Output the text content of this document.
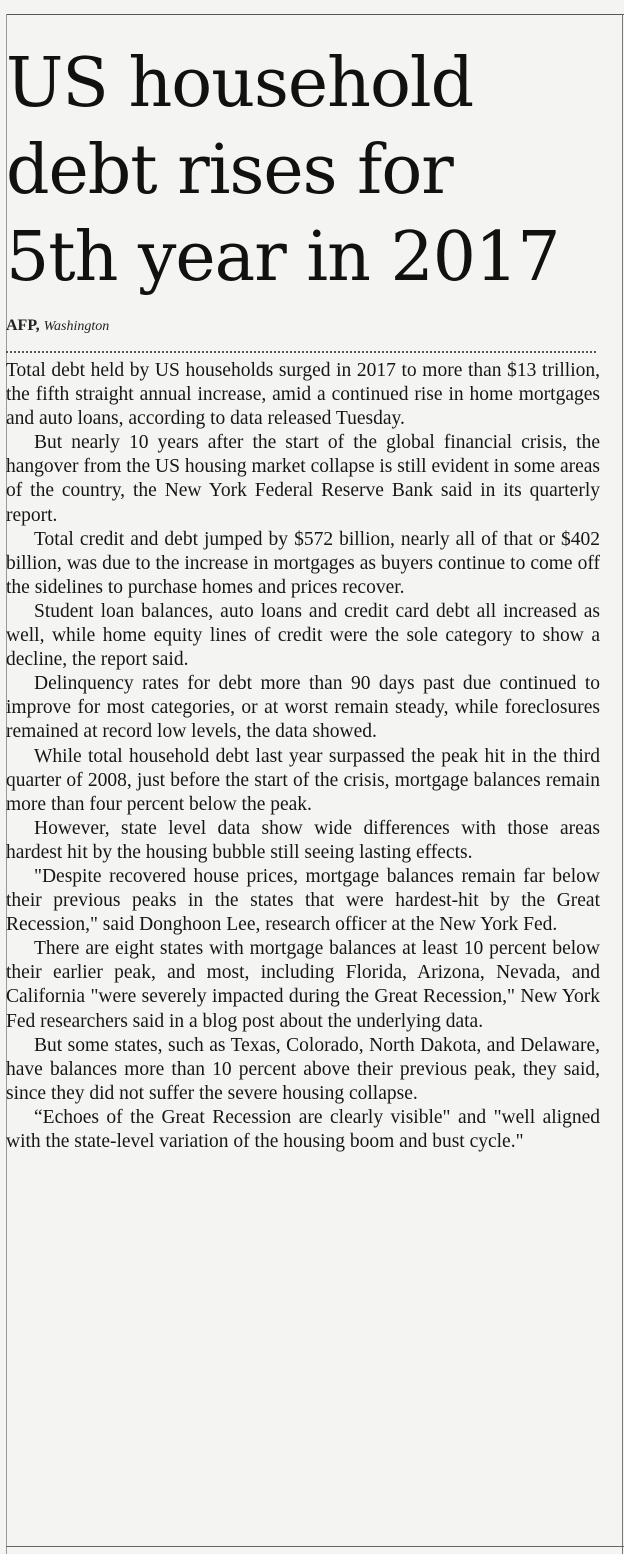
US household
debt rises for
5th year in 2017
AFP, Washington

Total debt held by US households surged in 2017 to more than $13 trillion, the fifth straight annual increase, amid a continued rise in home mortgages and auto loans, according to data released Tuesday.

But nearly 10 years after the start of the global financial crisis, the hangover from the US housing market collapse is still evident in some areas of the country, the New York Federal Reserve Bank said in its quarterly report.

Total credit and debt jumped by $572 billion, nearly all of that or $402 billion, was due to the increase in mortgages as buyers continue to come off the sidelines to purchase homes and prices recover.

Student loan balances, auto loans and credit card debt all increased as well, while home equity lines of credit were the sole category to show a decline, the report said.

Delinquency rates for debt more than 90 days past due continued to improve for most categories, or at worst remain steady, while foreclosures remained at record low levels, the data showed.

While total household debt last year surpassed the peak hit in the third quarter of 2008, just before the start of the crisis, mortgage balances remain more than four percent below the peak.

However, state level data show wide differences with those areas hardest hit by the housing bubble still seeing lasting effects.

"Despite recovered house prices, mortgage balances remain far below their previous peaks in the states that were hardest-hit by the Great Recession," said Donghoon Lee, research officer at the New York Fed.

There are eight states with mortgage balances at least 10 percent below their earlier peak, and most, including Florida, Arizona, Nevada, and California "were severely impacted during the Great Recession," New York Fed researchers said in a blog post about the underlying data.

But some states, such as Texas, Colorado, North Dakota, and Delaware, have balances more than 10 percent above their previous peak, they said, since they did not suffer the severe housing collapse.

“Echoes of the Great Recession are clearly visible" and "well aligned with the state-level variation of the housing boom and bust cycle."
